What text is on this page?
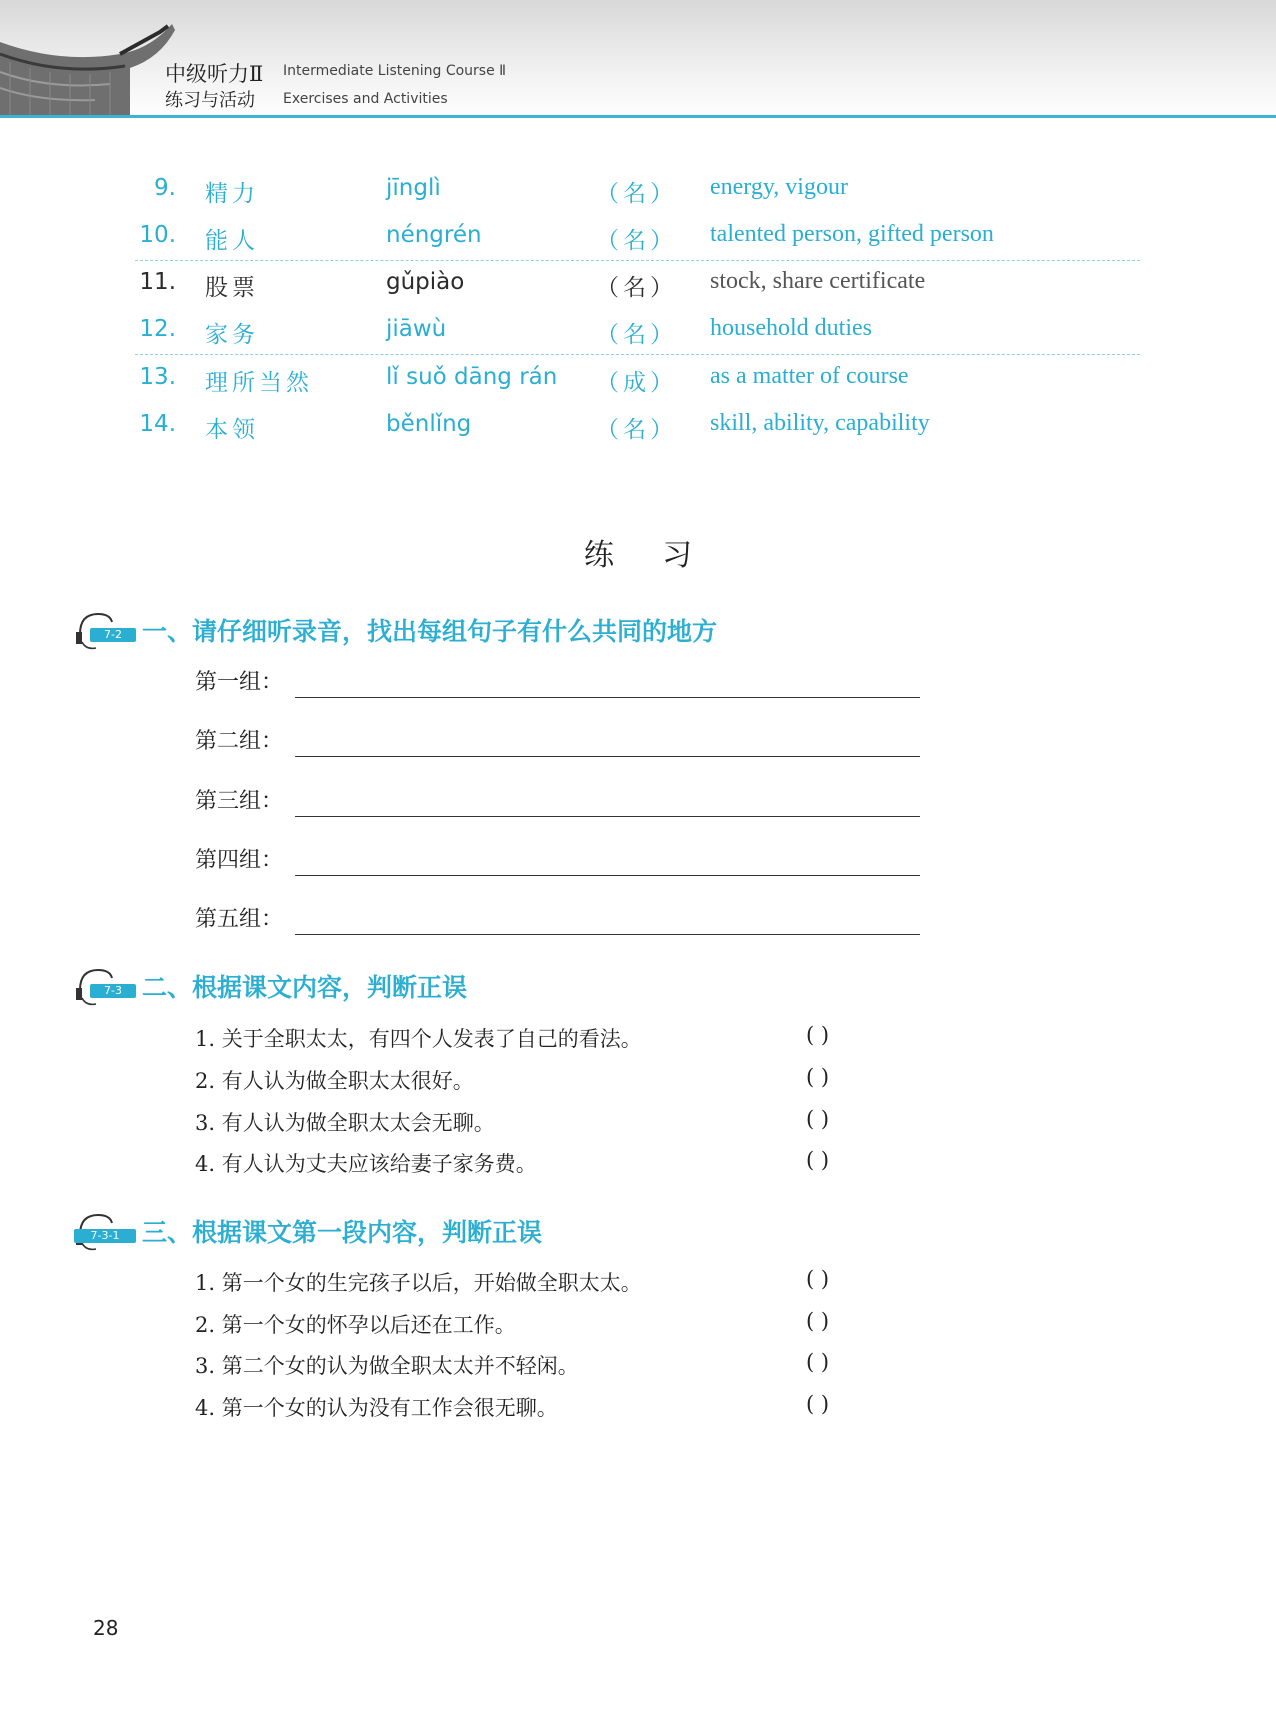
中级听力Ⅱ Intermediate Listening Course Ⅱ
练习与活动 Exercises and Activities
9. 精力	jīnglì	（名） energy, vigour
10. 能人	néngrén	（名） talented person, gifted person
11. 股票	gǔpiào	（名） stock, share certificate
12. 家务	jiāwù	（名） household duties
13. 理所当然	lǐ suǒ dāng rán （成） as a matter of course
14. 本领	běnlǐng	（名） skill, ability, capability
练习
7-2 一、请仔细听录音，找出每组句子有什么共同的地方
第一组：
第二组：
第三组：
第四组：
第五组：
7-3 二、根据课文内容，判断正误
1. 关于全职太太，有四个人发表了自己的看法。	( )
2. 有人认为做全职太太很好。	( )
3. 有人认为做全职太太会无聊。	( )
4. 有人认为丈夫应该给妻子家务费。	( )
7-3-1 三、根据课文第一段内容，判断正误
1. 第一个女的生完孩子以后，开始做全职太太。	( )
2. 第一个女的怀孕以后还在工作。	( )
3. 第二个女的认为做全职太太并不轻闲。	( )
4. 第一个女的认为没有工作会很无聊。	( )
28
